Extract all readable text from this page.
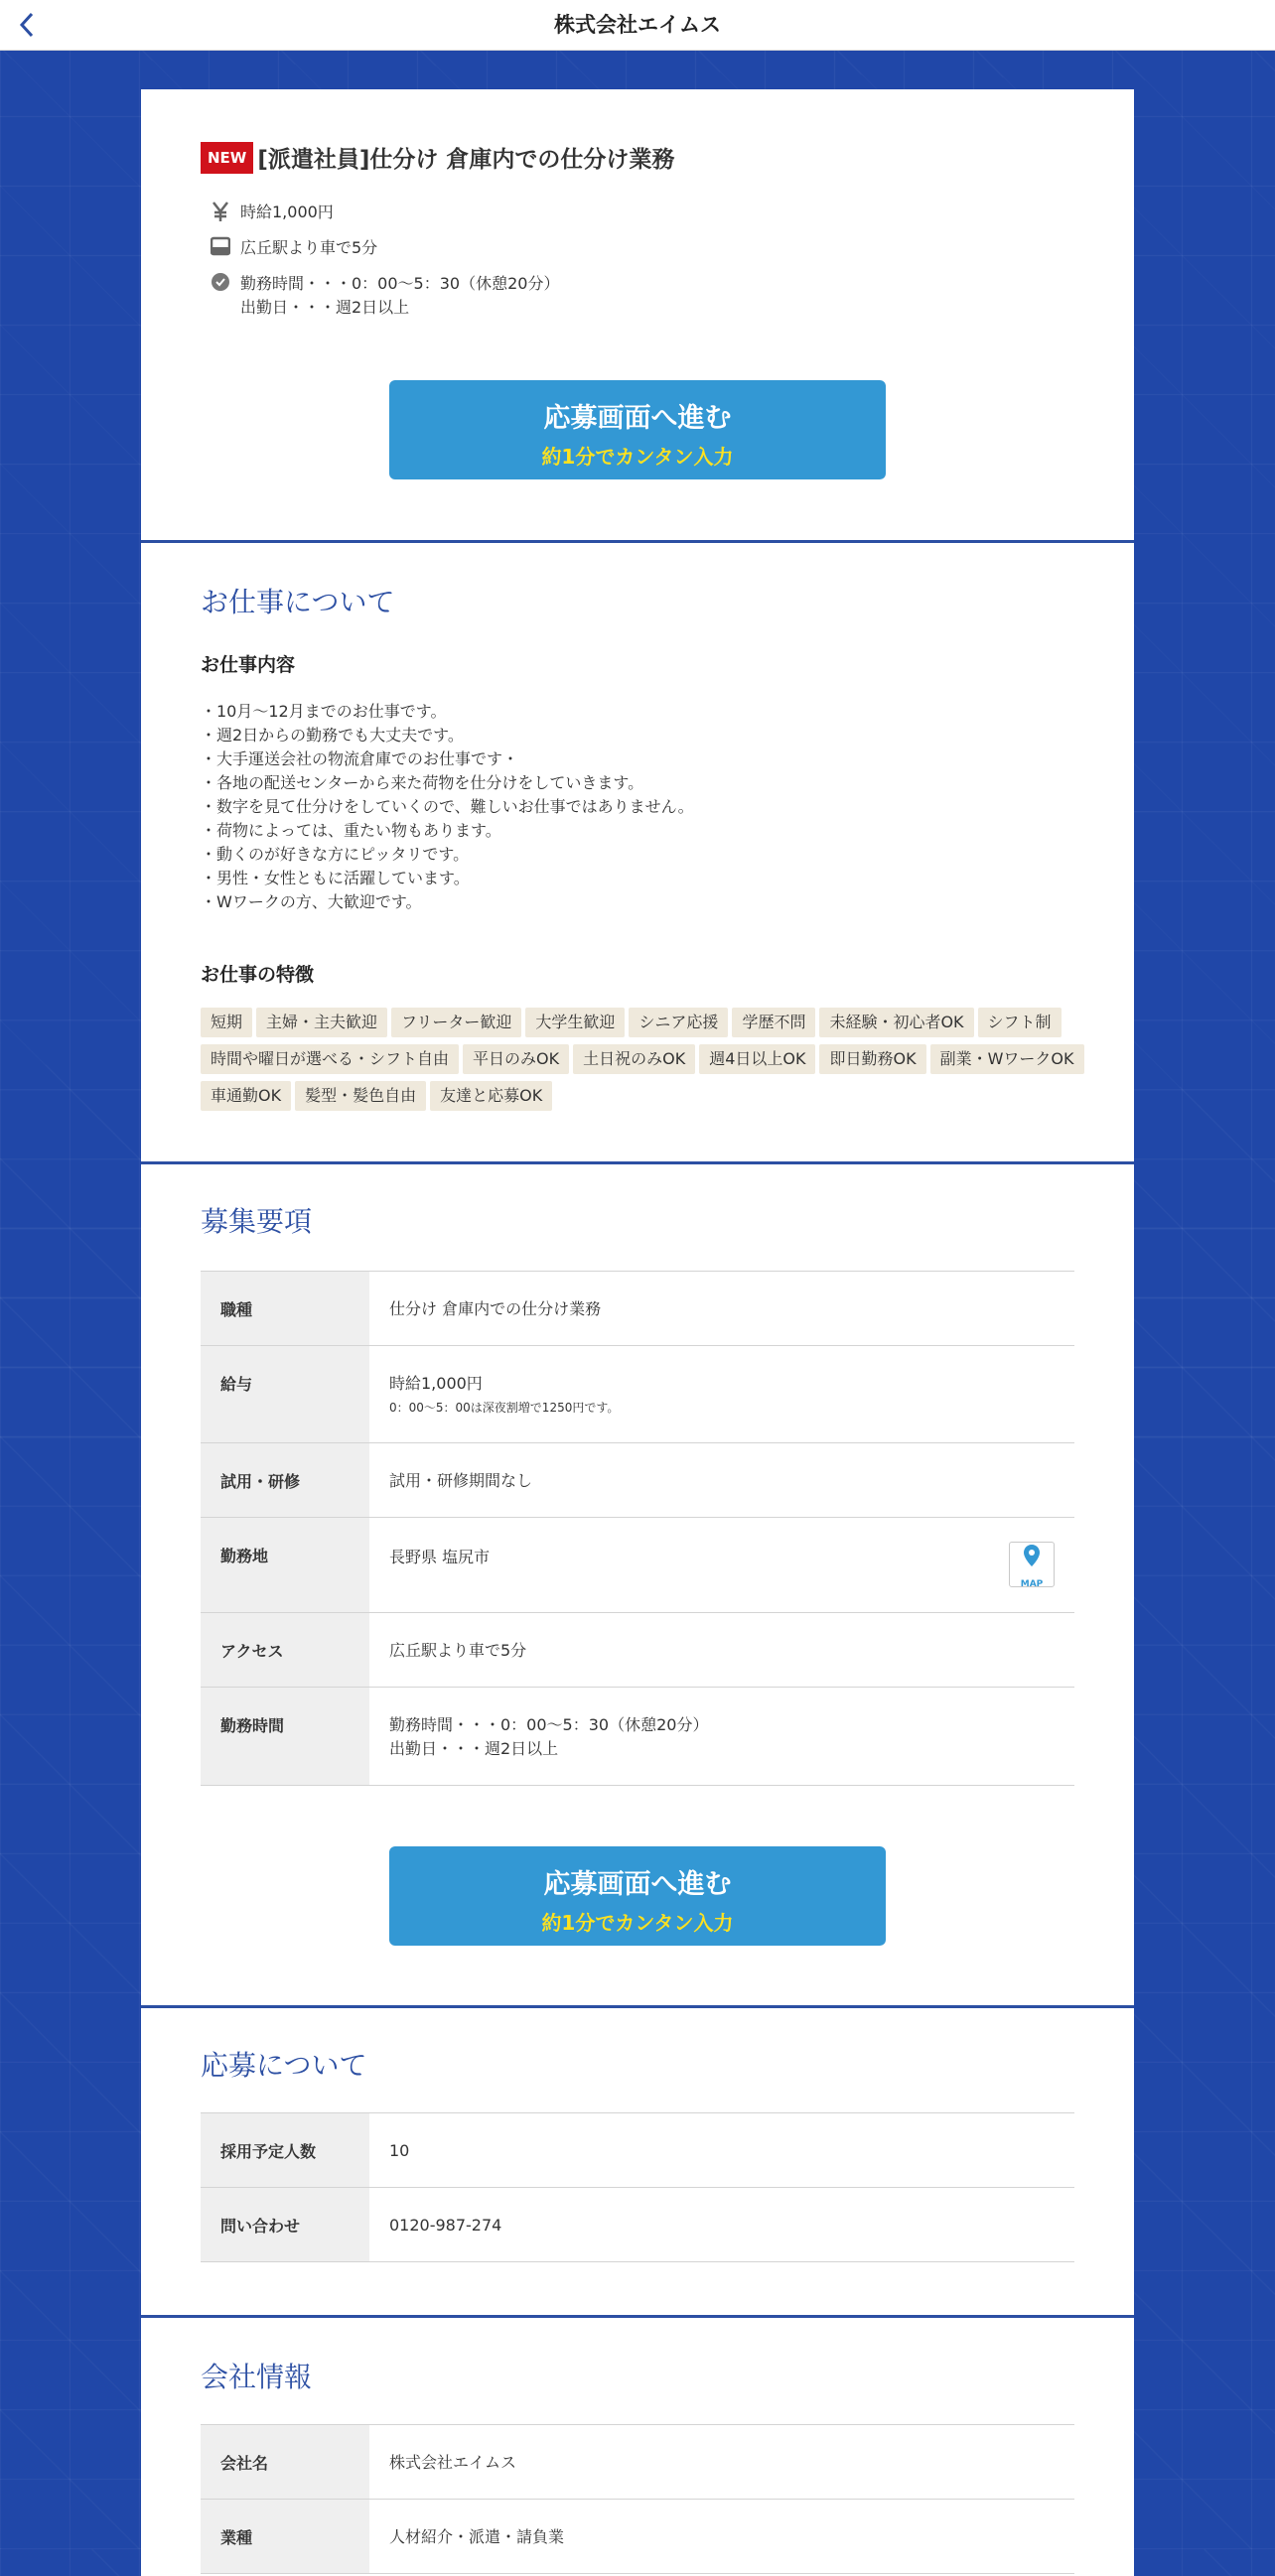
株式会社エイムス
NEW [派遣社員]仕分け 倉庫内での仕分け業務
時給1,000円
広丘駅より車で5分
勤務時間・・・0：00～5：30（休憩20分）
出勤日・・・週2日以上
応募画面へ進む
約1分でカンタン入力
お仕事について
お仕事内容
・10月～12月までのお仕事です。
・週2日からの勤務でも大丈夫です。
・大手運送会社の物流倉庫でのお仕事です・
・各地の配送センターから来た荷物を仕分けをしていきます。
・数字を見て仕分けをしていくので、難しいお仕事ではありません。
・荷物によっては、重たい物もあります。
・動くのが好きな方にピッタリです。
・男性・女性ともに活躍しています。
・Wワークの方、大歓迎です。
お仕事の特徴
短期 主婦・主夫歓迎 フリーター歓迎 大学生歓迎 シニア応援 学歴不問 未経験・初心者OK シフト制時間や曜日が選べる・シフト自由 平日のみOK 土日祝のみOK 週4日以上OK 即日勤務OK 副業・WワークOK車通勤OK 髪型・髪色自由 友達と応募OK
募集要項
職種	仕分け 倉庫内での仕分け業務
給与	時給1,000円
0：00～5：00は深夜割増で1250円です。

試用・研修	試用・研修期間なし
勤務地	長野県 塩尻市
MAP

アクセス	広丘駅より車で5分
勤務時間	勤務時間・・・0：00～5：30（休憩20分）
出勤日・・・週2日以上
応募画面へ進む
約1分でカンタン入力
応募について
採用予定人数	10
問い合わせ	0120-987-274
会社情報
会社名	株式会社エイムス
業種	人材紹介・派遣・請負業
